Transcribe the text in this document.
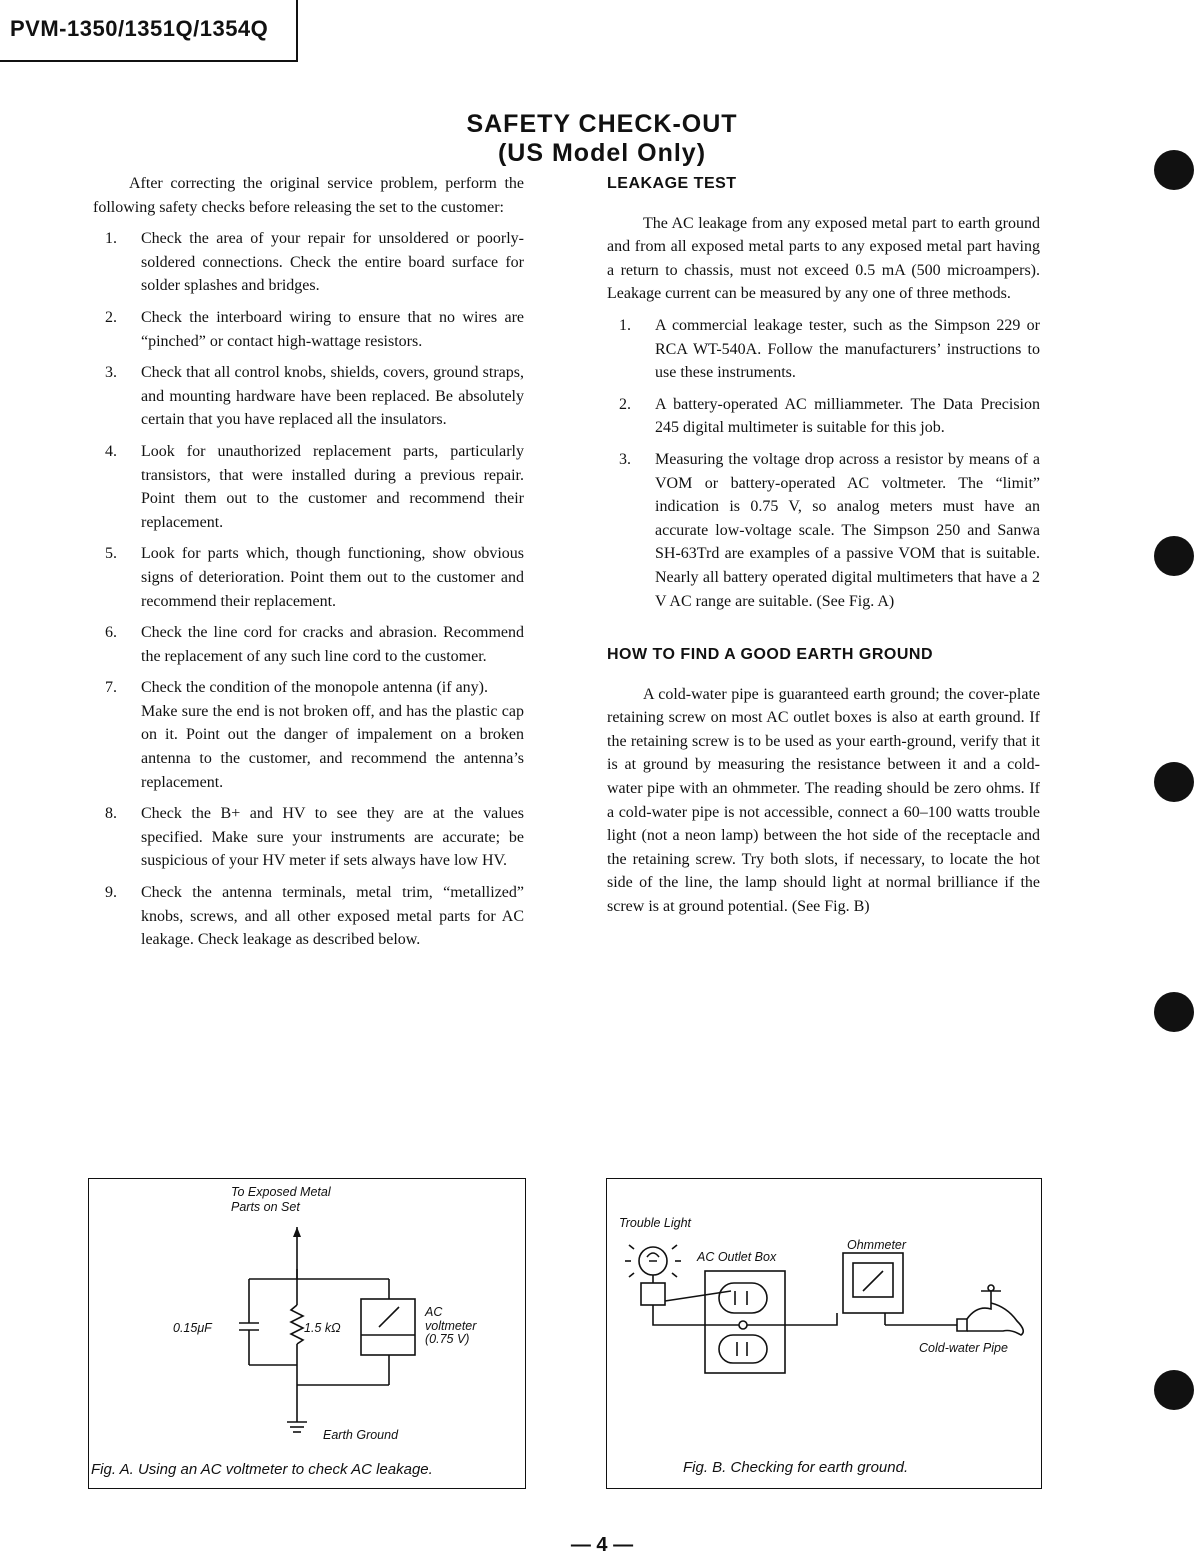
PVM-1350/1351Q/1354Q
SAFETY CHECK-OUT
(US Model Only)

After correcting the original service problem, perform the following safety checks before releasing the set to the customer:

1. Check the area of your repair for unsoldered or poorly-soldered connections. Check the entire board surface for solder splashes and bridges.
2. Check the interboard wiring to ensure that no wires are “pinched” or contact high-wattage resistors.
3. Check that all control knobs, shields, covers, ground straps, and mounting hardware have been replaced. Be absolutely certain that you have replaced all the insulators.
4. Look for unauthorized replacement parts, particularly transistors, that were installed during a previous repair. Point them out to the customer and recommend their replacement.
5. Look for parts which, though functioning, show obvious signs of deterioration. Point them out to the customer and recommend their replacement.
6. Check the line cord for cracks and abrasion. Recommend the replacement of any such line cord to the customer.
7. Check the condition of the monopole antenna (if any).
Make sure the end is not broken off, and has the plastic cap on it. Point out the danger of impalement on a broken antenna to the customer, and recommend the antenna’s replacement.
8. Check the B+ and HV to see they are at the values specified. Make sure your instruments are accurate; be suspicious of your HV meter if sets always have low HV.
9. Check the antenna terminals, metal trim, “metallized” knobs, screws, and all other exposed metal parts for AC leakage. Check leakage as described below.

LEAKAGE TEST

The AC leakage from any exposed metal part to earth ground and from all exposed metal parts to any exposed metal part having a return to chassis, must not exceed 0.5 mA (500 microampers). Leakage current can be measured by any one of three methods.

1. A commercial leakage tester, such as the Simpson 229 or RCA WT-540A. Follow the manufacturers’ instructions to use these instruments.
2. A battery-operated AC milliammeter. The Data Precision 245 digital multimeter is suitable for this job.
3. Measuring the voltage drop across a resistor by means of a VOM or battery-operated AC voltmeter. The “limit” indication is 0.75 V, so analog meters must have an accurate low-voltage scale. The Simpson 250 and Sanwa SH-63Trd are examples of a passive VOM that is suitable. Nearly all battery operated digital multimeters that have a 2 V AC range are suitable. (See Fig. A)

HOW TO FIND A GOOD EARTH GROUND

A cold-water pipe is guaranteed earth ground; the cover-plate retaining screw on most AC outlet boxes is also at earth ground. If the retaining screw is to be used as your earth-ground, verify that it is at ground by measuring the resistance between it and a cold-water pipe with an ohmmeter. The reading should be zero ohms. If a cold-water pipe is not accessible, connect a 60–100 watts trouble light (not a neon lamp) between the hot side of the receptacle and the retaining screw. Try both slots, if necessary, to locate the hot side of the line, the lamp should light at normal brilliance if the screw is at ground potential. (See Fig. B)

To Exposed Metal
Parts on Set
0.15μF	1.5 kΩ
AC
voltmeter
(0.75 V)
Earth Ground
Fig. A. Using an AC voltmeter to check AC leakage.
Trouble Light
AC Outlet Box
Ohmmeter
Cold-water Pipe
Fig. B. Checking for earth ground.
— 4 —
